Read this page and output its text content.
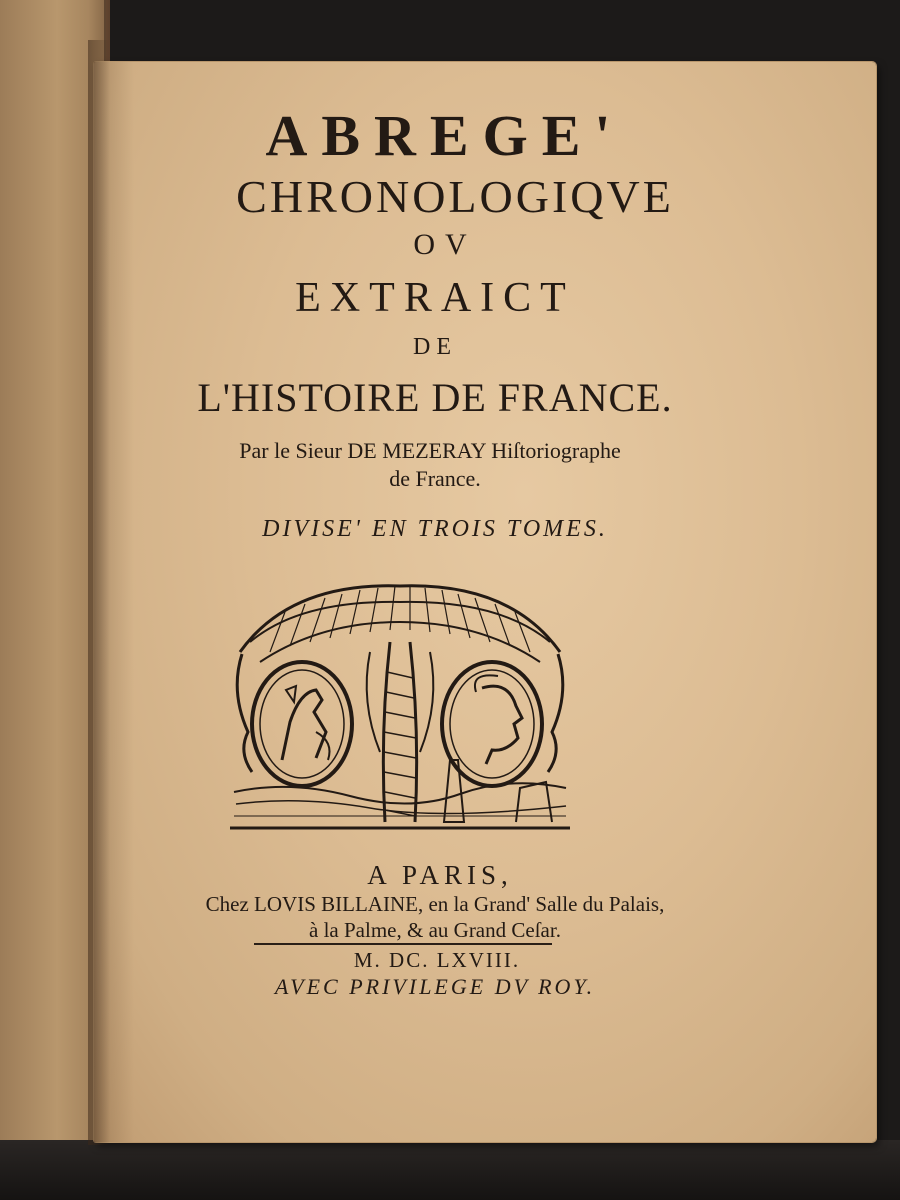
ABREGE'
CHRONOLOGIQVE
OV
EXTRAICT
DE
L'HISTOIRE DE FRANCE.
Par le Sieur DE MEZERAY Hiſtoriographe
de France.
DIVISE' EN TROIS TOMES.
A PARIS,
Chez LOVIS BILLAINE, en la Grand' Salle du Palais,
à la Palme, & au Grand Ceſar.
M. DC. LXVIII.
AVEC PRIVILEGE DV ROY.
